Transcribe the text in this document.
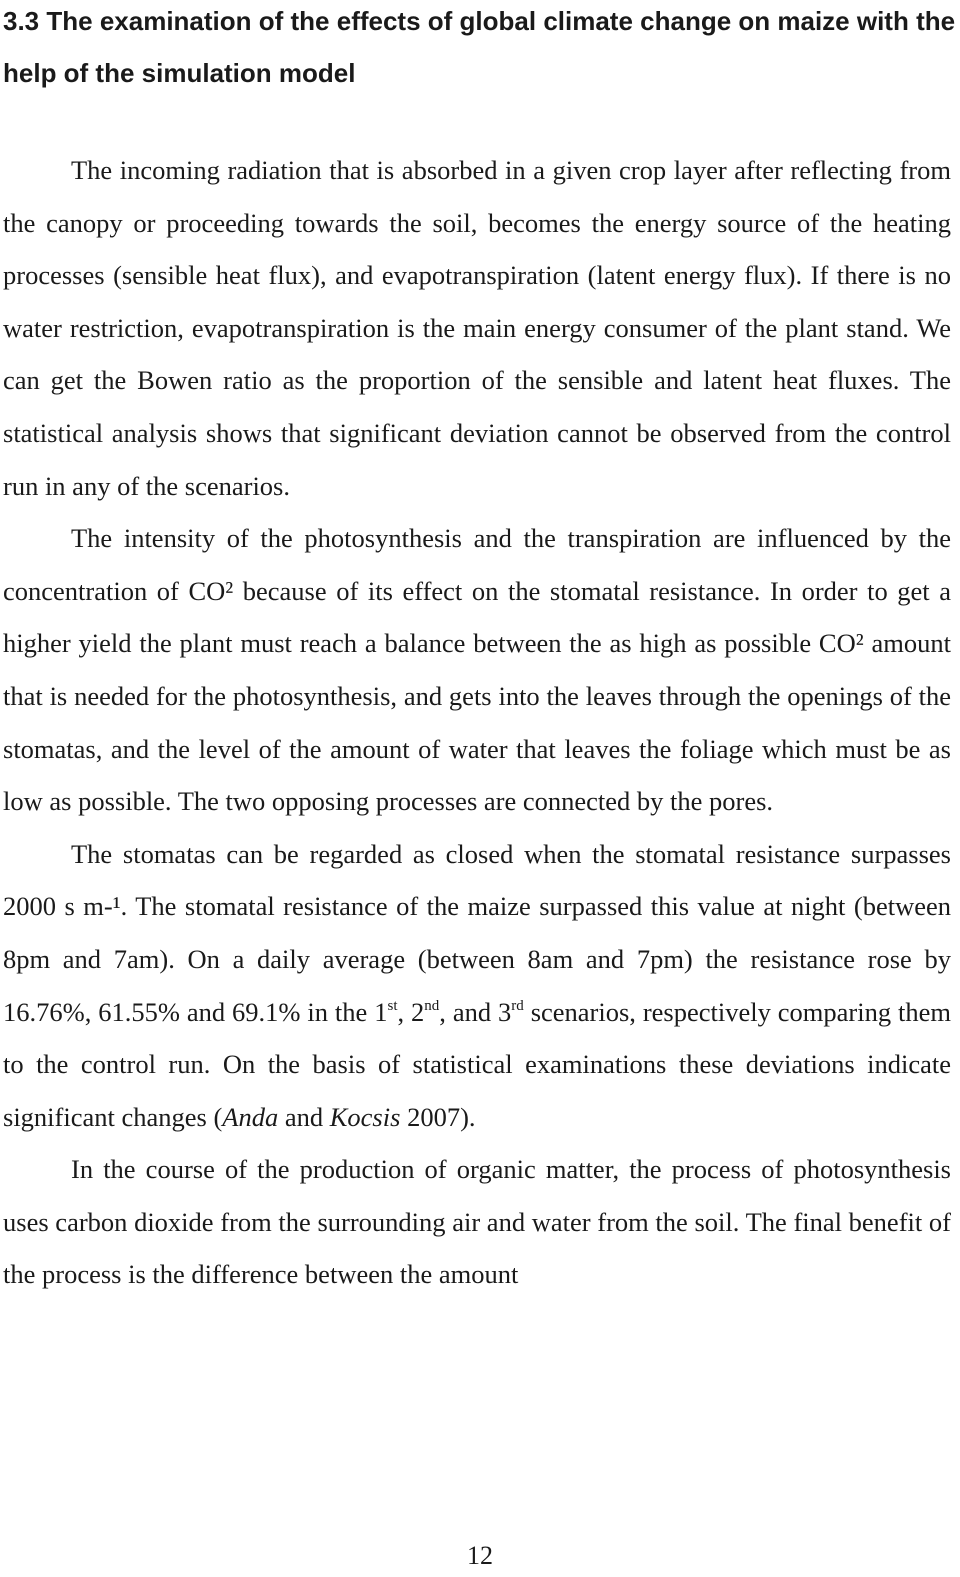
3.3 The examination of the effects of global climate change on maize with the help of the simulation model

The incoming radiation that is absorbed in a given crop layer after reflecting from the canopy or proceeding towards the soil, becomes the energy source of the heating processes (sensible heat flux), and evapotranspiration (latent energy flux). If there is no water restriction, evapotranspiration is the main energy consumer of the plant stand. We can get the Bowen ratio as the proportion of the sensible and latent heat fluxes. The statistical analysis shows that significant deviation cannot be observed from the control run in any of the scenarios.

The intensity of the photosynthesis and the transpiration are influenced by the concentration of CO² because of its effect on the stomatal resistance. In order to get a higher yield the plant must reach a balance between the as high as possible CO² amount that is needed for the photosynthesis, and gets into the leaves through the openings of the stomatas, and the level of the amount of water that leaves the foliage which must be as low as possible. The two opposing processes are connected by the pores.

The stomatas can be regarded as closed when the stomatal resistance surpasses 2000 s m-¹. The stomatal resistance of the maize surpassed this value at night (between 8pm and 7am). On a daily average (between 8am and 7pm) the resistance rose by 16.76%, 61.55% and 69.1% in the 1st, 2nd, and 3rd scenarios, respectively comparing them to the control run. On the basis of statistical examinations these deviations indicate significant changes (Anda and Kocsis 2007).

In the course of the production of organic matter, the process of photosynthesis uses carbon dioxide from the surrounding air and water from the soil. The final benefit of the process is the difference between the amount

12
